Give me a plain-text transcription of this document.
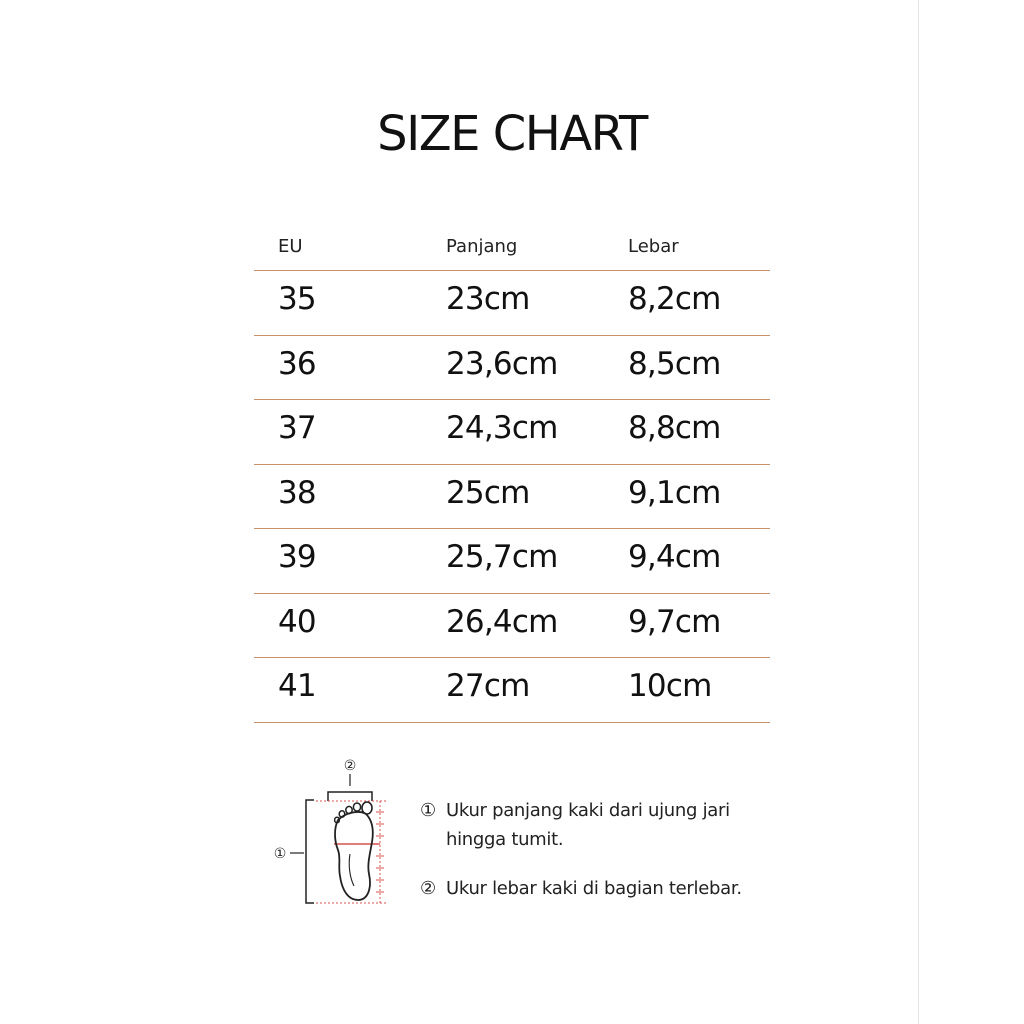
SIZE CHART
EU	Panjang	Lebar
35	23cm	8,2cm
36	23,6cm 8,5cm
37	24,3cm 8,8cm
38	25cm	9,1cm
39	25,7cm 9,4cm
40	26,4cm 9,7cm
41	27cm	10cm
②
①
① Ukur panjang kaki dari ujung jari hingga tumit.
② Ukur lebar kaki di bagian terlebar.
